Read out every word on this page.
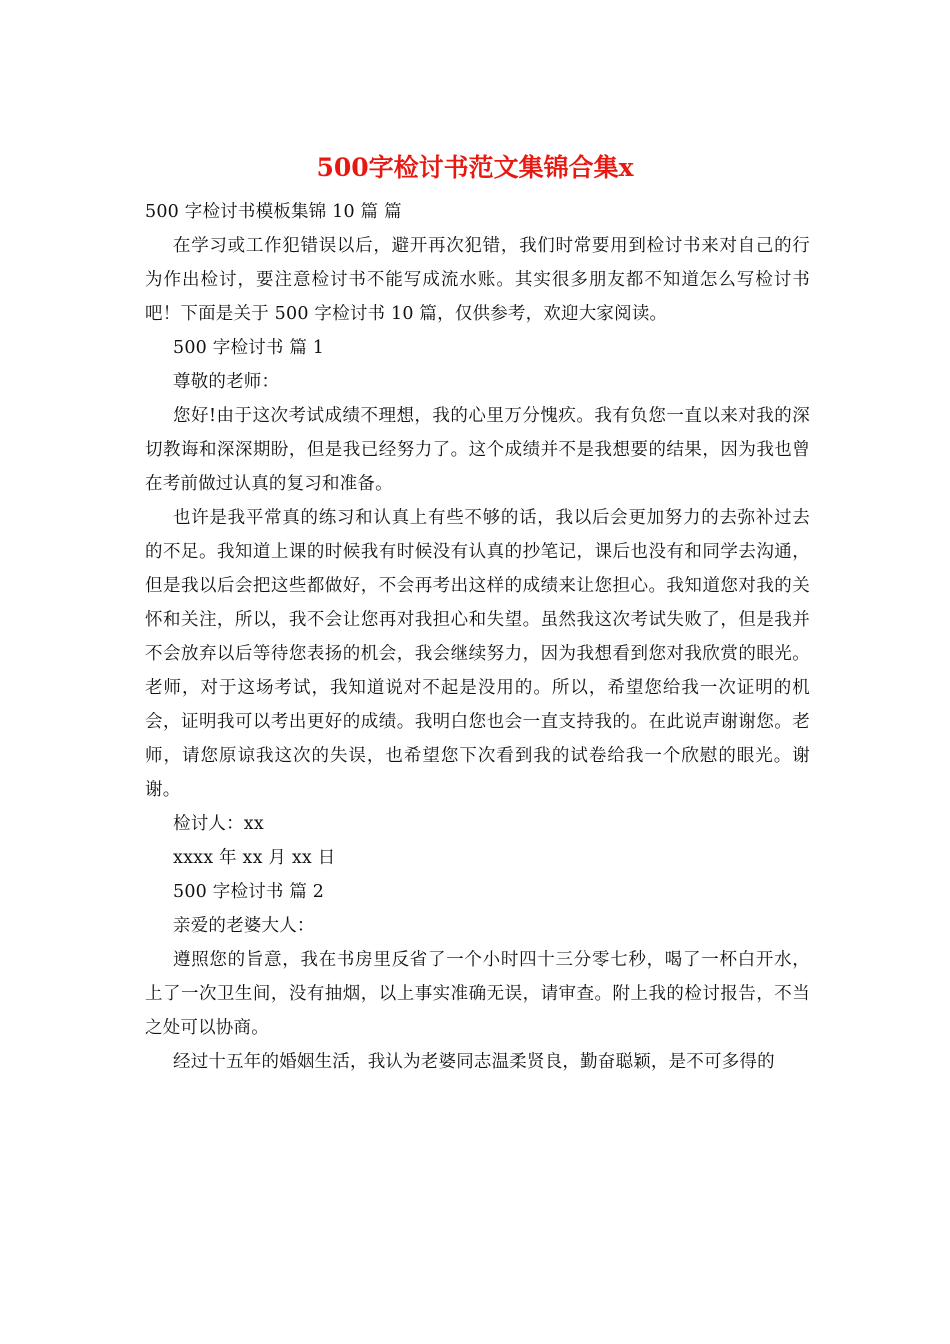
500字检讨书范文集锦合集x

500 字检讨书模板集锦 10 篇 篇

在学习或工作犯错误以后，避开再次犯错，我们时常要用到检讨书来对自己的行为作出检讨，要注意检讨书不能写成流水账。其实很多朋友都不知道怎么写检讨书吧！下面是关于 500 字检讨书 10 篇，仅供参考，欢迎大家阅读。

500 字检讨书 篇 1

尊敬的老师：

您好!由于这次考试成绩不理想，我的心里万分愧疚。我有负您一直以来对我的深切教诲和深深期盼，但是我已经努力了。这个成绩并不是我想要的结果，因为我也曾在考前做过认真的复习和准备。

也许是我平常真的练习和认真上有些不够的话，我以后会更加努力的去弥补过去的不足。我知道上课的时候我有时候没有认真的抄笔记，课后也没有和同学去沟通，但是我以后会把这些都做好，不会再考出这样的成绩来让您担心。我知道您对我的关怀和关注，所以，我不会让您再对我担心和失望。虽然我这次考试失败了，但是我并不会放弃以后等待您表扬的机会，我会继续努力，因为我想看到您对我欣赏的眼光。老师，对于这场考试，我知道说对不起是没用的。所以，希望您给我一次证明的机会，证明我可以考出更好的成绩。我明白您也会一直支持我的。在此说声谢谢您。老师，请您原谅我这次的失误，也希望您下次看到我的试卷给我一个欣慰的眼光。谢谢。

检讨人：xx

xxxx 年 xx 月 xx 日

500 字检讨书 篇 2

亲爱的老婆大人：

遵照您的旨意，我在书房里反省了一个小时四十三分零七秒，喝了一杯白开水，上了一次卫生间，没有抽烟，以上事实准确无误，请审查。附上我的检讨报告，不当之处可以协商。

经过十五年的婚姻生活，我认为老婆同志温柔贤良，勤奋聪颖，是不可多得的
